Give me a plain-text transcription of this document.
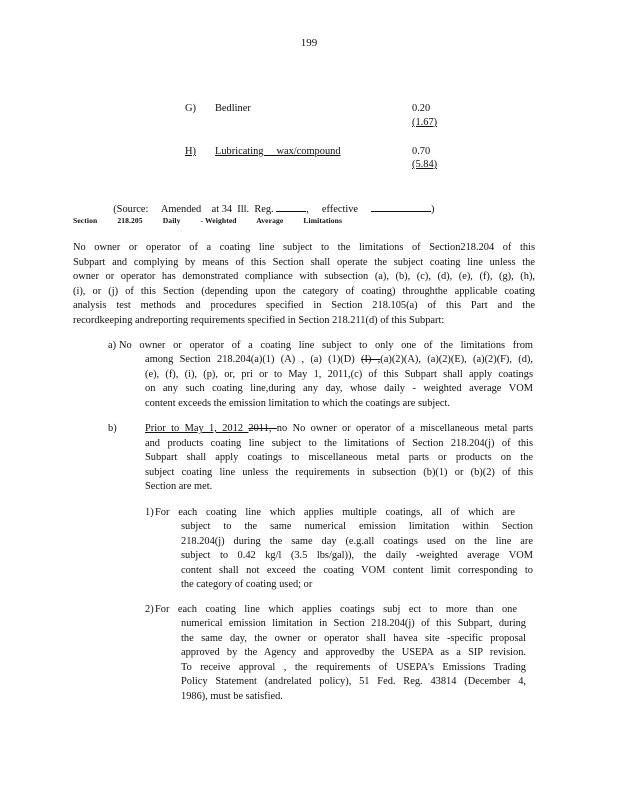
199
G) Bedliner	0.20
(1.67)
H) Lubricating     wax/compound	0.70
(5.84)

(Source: Amended    at 34  Ill.  Reg.	, effective	)

Section	218.205	Daily	- Weighted	Average	Limitations
No owner or operator of a coating line subject to the limitations of Section218.204 of this
Subpart and complying by means of this Section shall operate the subject coating line unless the
owner or operator has demonstrated compliance with subsection (a), (b), (c), (d), (e), (f), (g), (h),
(i), or (j) of this Section (depending upon the category of coating) throughthe applicable coating
analysis test methods and procedures specified in Section 218.105(a) of this Part and the
recordkeeping andreporting requirements specified in Section 218.211(d) of this Subpart:
a) No owner or operator of a coating line subject to only one of the limitations from
among Section 218.204(a)(1) (A) , (a) (1)(D) (I) ,(a)(2)(A), (a)(2)(E), (a)(2)(F), (d),
(e), (f), (i), (p), or, pri or to May 1, 2011,(c) of this Subpart shall apply coatings
on any such coating line,during any day, whose daily - weighted average VOM
content exceeds the emission limitation to which the coatings are subject.
b)	Prior to May 1, 2012 2011, no No owner or operator of a miscellaneous metal parts
and products coating line subject to the limitations of Section 218.204(j) of this
Subpart shall apply coatings to miscellaneous metal parts or products on the
subject coating line unless the requirements in subsection (b)(1) or (b)(2) of this
Section are met.
1) For each coating line which applies multiple coatings, all of which are
subject to the same numerical emission limitation within Section
218.204(j) during the same day (e.g.all coatings used on the line are
subject to 0.42 kg/l (3.5 lbs/gal)), the daily -weighted average VOM
content shall not exceed the coating VOM content limit corresponding to
the category of coating used; or
2) For each coating line which applies coatings subj ect to more than one
numerical emission limitation in Section 218.204(j) of this Subpart, during
the same day, the owner or operator shall havea site -specific proposal
approved by the Agency and approvedby the USEPA as a SIP revision.
To receive approval , the requirements of USEPA's Emissions Trading
Policy Statement (andrelated policy), 51 Fed. Reg. 43814 (December 4,
1986), must be satisfied.
